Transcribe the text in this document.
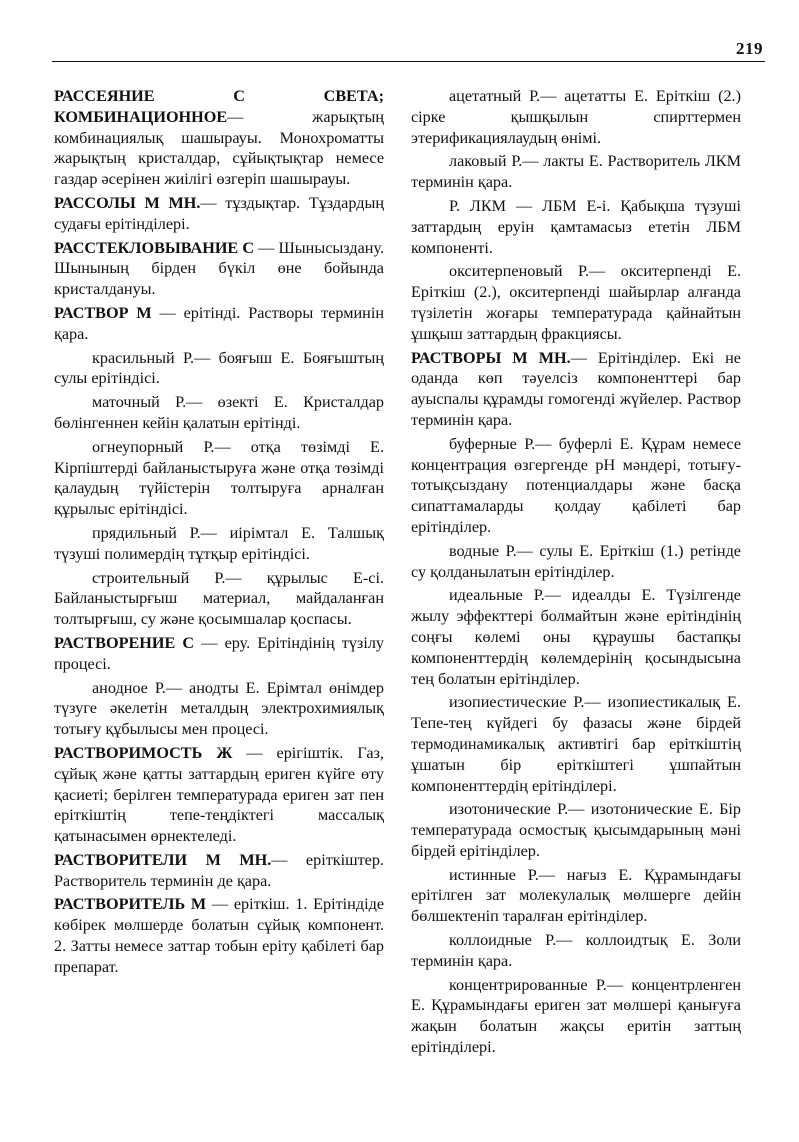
219

РАССЕЯНИЕ С СВЕТА; КОМБИНАЦИОННОЕ— жарықтың комбинациялық шашырауы. Монохроматты жарықтың кристалдар, сұйықтықтар немесе газдар әсерінен жиілігі өзгеріп шашырауы.

РАССОЛЫ М МН.— тұздықтар. Тұздардың судағы ерітінділері.

РАССТЕКЛОВЫВАНИЕ С — Шынысыздану. Шынының бірден бүкіл өне бойында кристалдануы.

РАСТВОР М — ерітінді. Растворы терминін қара.

красильный Р.— бояғыш Е. Бояғыштың сулы ерітіндісі.

маточный Р.— өзекті Е. Кристалдар бөлінгеннен кейін қалатын ерітінді.

огнеупорный Р.— отқа төзімді Е. Кірпіштерді байланыстыруға және отқа төзімді қалаудың түйістерін толтыруға арналған құрылыс ерітіндісі.

прядильный Р.— иірімтал Е. Талшық түзуші полимердің тұтқыр ерітіндісі.

строительный Р.— құрылыс Е-сі. Байланыстырғыш материал, майдаланған толтырғыш, су және қосымшалар қоспасы.

РАСТВОРЕНИЕ С — еру. Ерітіндінің түзілу процесі.

анодное Р.— анодты Е. Ерімтал өнімдер түзуге әкелетін металдың электрохимиялық тотығу құбылысы мен процесі.

РАСТВОРИМОСТЬ Ж — ерігіштік. Газ, сұйық және қатты заттардың ериген күйге өту қасиеті; берілген температурада ериген зат пен еріткіштің тепе-теңдіктегі массалық қатынасымен өрнектеледі.

РАСТВОРИТЕЛИ М МН.— еріткіштер. Растворитель терминін де қара.

РАСТВОРИТЕЛЬ М — еріткіш. 1. Ерітіндіде көбірек мөлшерде болатын сұйық компонент. 2. Затты немесе заттар тобын еріту қабілеті бар препарат.

ацетатный Р.— ацетатты Е. Еріткіш (2.) сірке қышқылын спирттермен этерификациялаудың өнімі.

лаковый Р.— лакты Е. Растворитель ЛКМ терминін қара.

Р. ЛКМ — ЛБМ Е-і. Қабықша түзуші заттардың еруін қамтамасыз ететін ЛБМ компоненті.

окситерпеновый Р.— окситерпенді Е. Еріткіш (2.), окситерпенді шайырлар алғанда түзілетін жоғары температурада қайнайтын ұшқыш заттардың фракциясы.

РАСТВОРЫ М МН.— Ерітінділер. Екі не оданда көп тәуелсіз компоненттері бар ауыспалы құрамды гомогенді жүйелер. Раствор терминін қара.

буферные Р.— буферлі Е. Құрам немесе концентрация өзгергенде pH мәндері, тотығу-тотықсыздану потенциалдары және басқа сипаттамаларды қолдау қабілеті бар ерітінділер.

водные Р.— сулы Е. Еріткіш (1.) ретінде су қолданылатын ерітінділер.

идеальные Р.— идеалды Е. Түзілгенде жылу эффекттері болмайтын және ерітіндінің соңғы көлемі оны құраушы бастапқы компоненттердің көлемдерінің қосындысына тең болатын ерітінділер.

изопиестические Р.— изопиестикалық Е. Тепе-тең күйдегі бу фазасы және бірдей термодинамикалық активтігі бар еріткіштің ұшатын бір еріткіштегі ұшпайтын компоненттердің ерітінділері.

изотонические Р.— изотонические Е. Бір температурада осмостық қысымдарының мәні бірдей ерітінділер.

истинные Р.— нағыз Е. Құрамындағы ерітілген зат молекулалық мөлшерге дейін бөлшектеніп таралған ерітінділер.

коллоидные Р.— коллоидтық Е. Золи терминін қара.

концентрированные Р.— концентрленген Е. Құрамындағы ериген зат мөлшері қанығуға жақын болатын жақсы еритін заттың ерітінділері.
